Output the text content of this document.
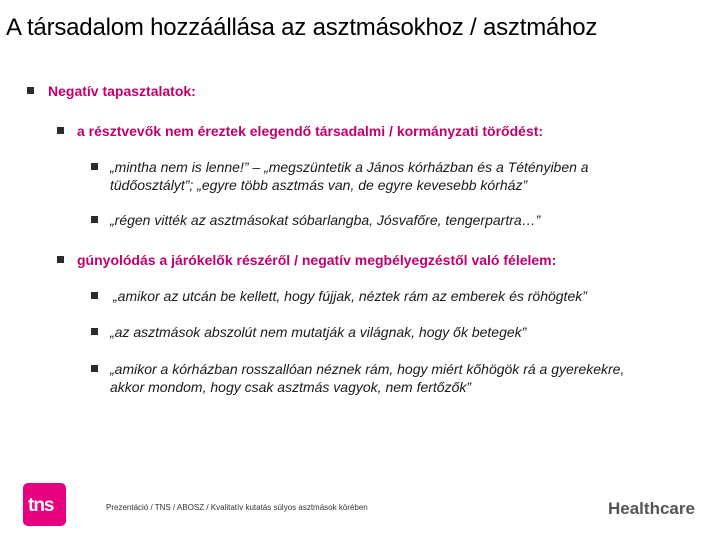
A társadalom hozzáállása az asztmásokhoz / asztmához
Negatív tapasztalatok:
a résztvevők nem éreztek elegendő társadalmi / kormányzati törődést:
„mintha nem is lenne!” – „megszüntetik a János kórházban és a Tétényiben a
tüdőosztályt”; „egyre több asztmás van, de egyre kevesebb kórház”
„régen vitték az asztmásokat sóbarlangba, Jósvafőre, tengerpartra…”
gúnyolódás a járókelők részéről / negatív megbélyegzéstől való félelem:
„amikor az utcán be kellett, hogy fújjak, néztek rám az emberek és röhögtek”
„az asztmások abszolút nem mutatják a világnak, hogy ők betegek”
„amikor a kórházban rosszallóan néznek rám, hogy miért kőhögök rá a gyerekekre,
akkor mondom, hogy csak asztmás vagyok, nem fertőzők”
tns	Prezentáció / TNS / ABOSZ / Kvalitatív kutatás súlyos asztmások körében	Healthcare
